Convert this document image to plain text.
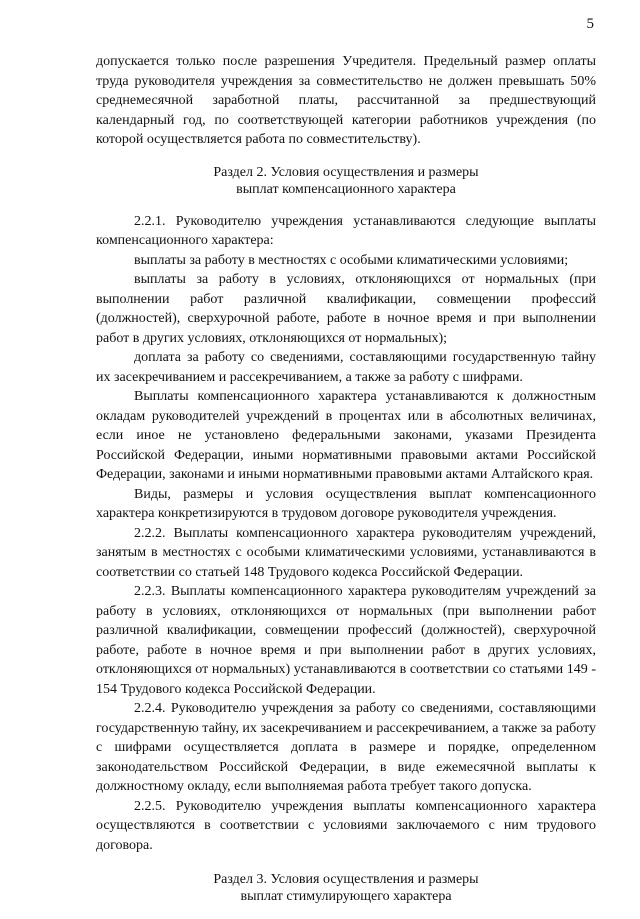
5

допускается только после разрешения Учредителя. Предельный размер оплаты труда руководителя учреждения за совместительство не должен превышать 50% среднемесячной заработной платы, рассчитанной за предшествующий календарный год, по соответствующей категории работников учреждения (по которой осуществляется работа по совместительству).

Раздел 2. Условия осуществления и размеры
выплат компенсационного характера

2.2.1. Руководителю учреждения устанавливаются следующие выплаты компенсационного характера:

выплаты за работу в местностях с особыми климатическими условиями;

выплаты за работу в условиях, отклоняющихся от нормальных (при выполнении работ различной квалификации, совмещении профессий (должностей), сверхурочной работе, работе в ночное время и при выполнении работ в других условиях, отклоняющихся от нормальных);

доплата за работу со сведениями, составляющими государственную тайну их засекречиванием и рассекречиванием, а также за работу с шифрами.

Выплаты компенсационного характера устанавливаются к должностным окладам руководителей учреждений в процентах или в абсолютных величинах, если иное не установлено федеральными законами, указами Президента Российской Федерации, иными нормативными правовыми актами Российской Федерации, законами и иными нормативными правовыми актами Алтайского края.

Виды, размеры и условия осуществления выплат компенсационного характера конкретизируются в трудовом договоре руководителя учреждения.

2.2.2. Выплаты компенсационного характера руководителям учреждений, занятым в местностях с особыми климатическими условиями, устанавливаются в соответствии со статьей 148 Трудового кодекса Российской Федерации.

2.2.3. Выплаты компенсационного характера руководителям учреждений за работу в условиях, отклоняющихся от нормальных (при выполнении работ различной квалификации, совмещении профессий (должностей), сверхурочной работе, работе в ночное время и при выполнении работ в других условиях, отклоняющихся от нормальных) устанавливаются в соответствии со статьями 149 - 154 Трудового кодекса Российской Федерации.

2.2.4. Руководителю учреждения за работу со сведениями, составляющими государственную тайну, их засекречиванием и рассекречиванием, а также за работу с шифрами осуществляется доплата в размере и порядке, определенном законодательством Российской Федерации, в виде ежемесячной выплаты к должностному окладу, если выполняемая работа требует такого допуска.

2.2.5. Руководителю учреждения выплаты компенсационного характера осуществляются в соответствии с условиями заключаемого с ним трудового договора.

Раздел 3. Условия осуществления и размеры
выплат стимулирующего характера
